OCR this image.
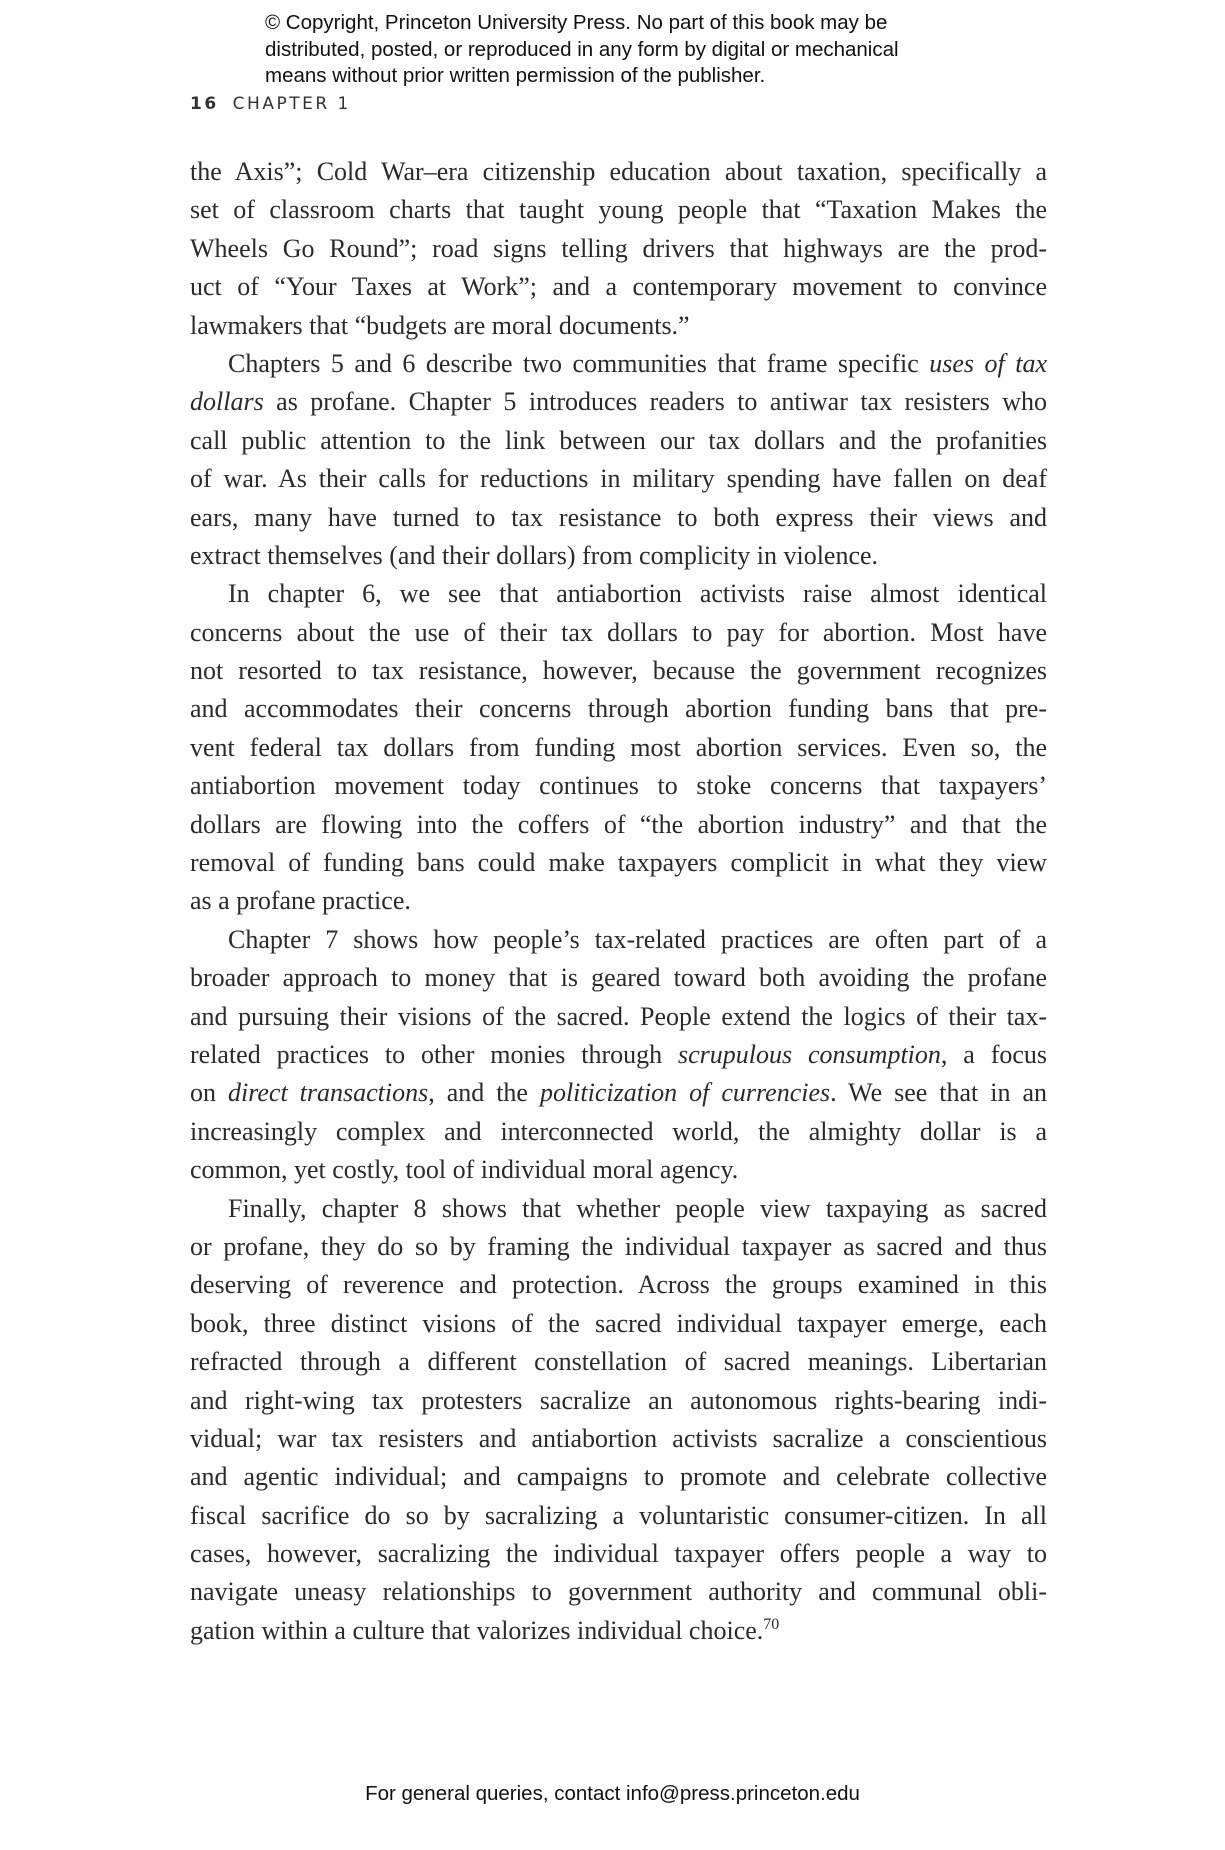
© Copyright, Princeton University Press. No part of this book may be
distributed, posted, or reproduced in any form by digital or mechanical
means without prior written permission of the publisher.
16 CHAPTER 1
the Axis”; Cold War–era citizenship education about taxation, specifically a
set of classroom charts that taught young people that “Taxation Makes the
Wheels Go Round”; road signs telling drivers that highways are the prod-
uct of “Your Taxes at Work”; and a contemporary movement to convince
lawmakers that “budgets are moral documents.”
Chapters 5 and 6 describe two communities that frame specific uses of tax
dollars as profane. Chapter 5 introduces readers to antiwar tax resisters who
call public attention to the link between our tax dollars and the profanities
of war. As their calls for reductions in military spending have fallen on deaf
ears, many have turned to tax resistance to both express their views and
extract themselves (and their dollars) from complicity in violence.
In chapter 6, we see that antiabortion activists raise almost identical
concerns about the use of their tax dollars to pay for abortion. Most have
not resorted to tax resistance, however, because the government recognizes
and accommodates their concerns through abortion funding bans that pre-
vent federal tax dollars from funding most abortion services. Even so, the
antiabortion movement today continues to stoke concerns that taxpayers’
dollars are flowing into the coffers of “the abortion industry” and that the
removal of funding bans could make taxpayers complicit in what they view
as a profane practice.
Chapter 7 shows how people’s tax-related practices are often part of a
broader approach to money that is geared toward both avoiding the profane
and pursuing their visions of the sacred. People extend the logics of their tax-
related practices to other monies through scrupulous consumption, a focus
on direct transactions, and the politicization of currencies. We see that in an
increasingly complex and interconnected world, the almighty dollar is a
common, yet costly, tool of individual moral agency.
Finally, chapter 8 shows that whether people view taxpaying as sacred
or profane, they do so by framing the individual taxpayer as sacred and thus
deserving of reverence and protection. Across the groups examined in this
book, three distinct visions of the sacred individual taxpayer emerge, each
refracted through a different constellation of sacred meanings. Libertarian
and right-wing tax protesters sacralize an autonomous rights-bearing indi-
vidual; war tax resisters and antiabortion activists sacralize a conscientious
and agentic individual; and campaigns to promote and celebrate collective
fiscal sacrifice do so by sacralizing a voluntaristic consumer-citizen. In all
cases, however, sacralizing the individual taxpayer offers people a way to
navigate uneasy relationships to government authority and communal obli-
gation within a culture that valorizes individual choice.$^{70}$
For general queries, contact info@press.princeton.edu
